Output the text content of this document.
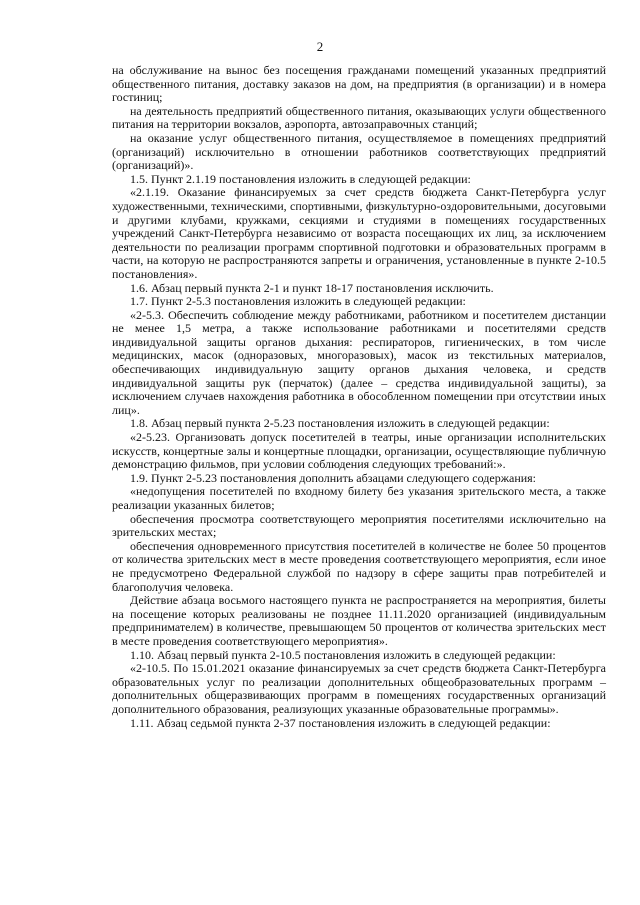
2

на обслуживание на вынос без посещения гражданами помещений указанных предприятий общественного питания, доставку заказов на дом, на предприятия (в организации) и в номера гостиниц;

на деятельность предприятий общественного питания, оказывающих услуги общественного питания на территории вокзалов, аэропорта, автозаправочных станций;

на оказание услуг общественного питания, осуществляемое в помещениях предприятий (организаций) исключительно в отношении работников соответствующих предприятий (организаций)».

1.5. Пункт 2.1.19 постановления изложить в следующей редакции:

«2.1.19. Оказание финансируемых за счет средств бюджета Санкт-Петербурга услуг художественными, техническими, спортивными, физкультурно-оздоровительными, досуговыми и другими клубами, кружками, секциями и студиями в помещениях государственных учреждений Санкт-Петербурга независимо от возраста посещающих их лиц, за исключением деятельности по реализации программ спортивной подготовки и образовательных программ в части, на которую не распространяются запреты и ограничения, установленные в пункте 2-10.5 постановления».

1.6. Абзац первый пункта 2-1 и пункт 18-17 постановления исключить.

1.7. Пункт 2-5.3 постановления изложить в следующей редакции:

«2-5.3. Обеспечить соблюдение между работниками, работником и посетителем дистанции не менее 1,5 метра, а также использование работниками и посетителями средств индивидуальной защиты органов дыхания: респираторов, гигиенических, в том числе медицинских, масок (одноразовых, многоразовых), масок из текстильных материалов, обеспечивающих индивидуальную защиту органов дыхания человека, и средств индивидуальной защиты рук (перчаток) (далее – средства индивидуальной защиты), за исключением случаев нахождения работника в обособленном помещении при отсутствии иных лиц».

1.8. Абзац первый пункта 2-5.23 постановления изложить в следующей редакции:

«2-5.23. Организовать допуск посетителей в театры, иные организации исполнительских искусств, концертные залы и концертные площадки, организации, осуществляющие публичную демонстрацию фильмов, при условии соблюдения следующих требований:».

1.9. Пункт 2-5.23 постановления дополнить абзацами следующего содержания:

«недопущения посетителей по входному билету без указания зрительского места, а также реализации указанных билетов;

обеспечения просмотра соответствующего мероприятия посетителями исключительно на зрительских местах;

обеспечения одновременного присутствия посетителей в количестве не более 50 процентов от количества зрительских мест в месте проведения соответствующего мероприятия, если иное не предусмотрено Федеральной службой по надзору в сфере защиты прав потребителей и благополучия человека.

Действие абзаца восьмого настоящего пункта не распространяется на мероприятия, билеты на посещение которых реализованы не позднее 11.11.2020 организацией (индивидуальным предпринимателем) в количестве, превышающем 50 процентов от количества зрительских мест в месте проведения соответствующего мероприятия».

1.10. Абзац первый пункта 2-10.5 постановления изложить в следующей редакции:

«2-10.5. По 15.01.2021 оказание финансируемых за счет средств бюджета Санкт-Петербурга образовательных услуг по реализации дополнительных общеобразовательных программ – дополнительных общеразвивающих программ в помещениях государственных организаций дополнительного образования, реализующих указанные образовательные программы».

1.11. Абзац седьмой пункта 2-37 постановления изложить в следующей редакции:
